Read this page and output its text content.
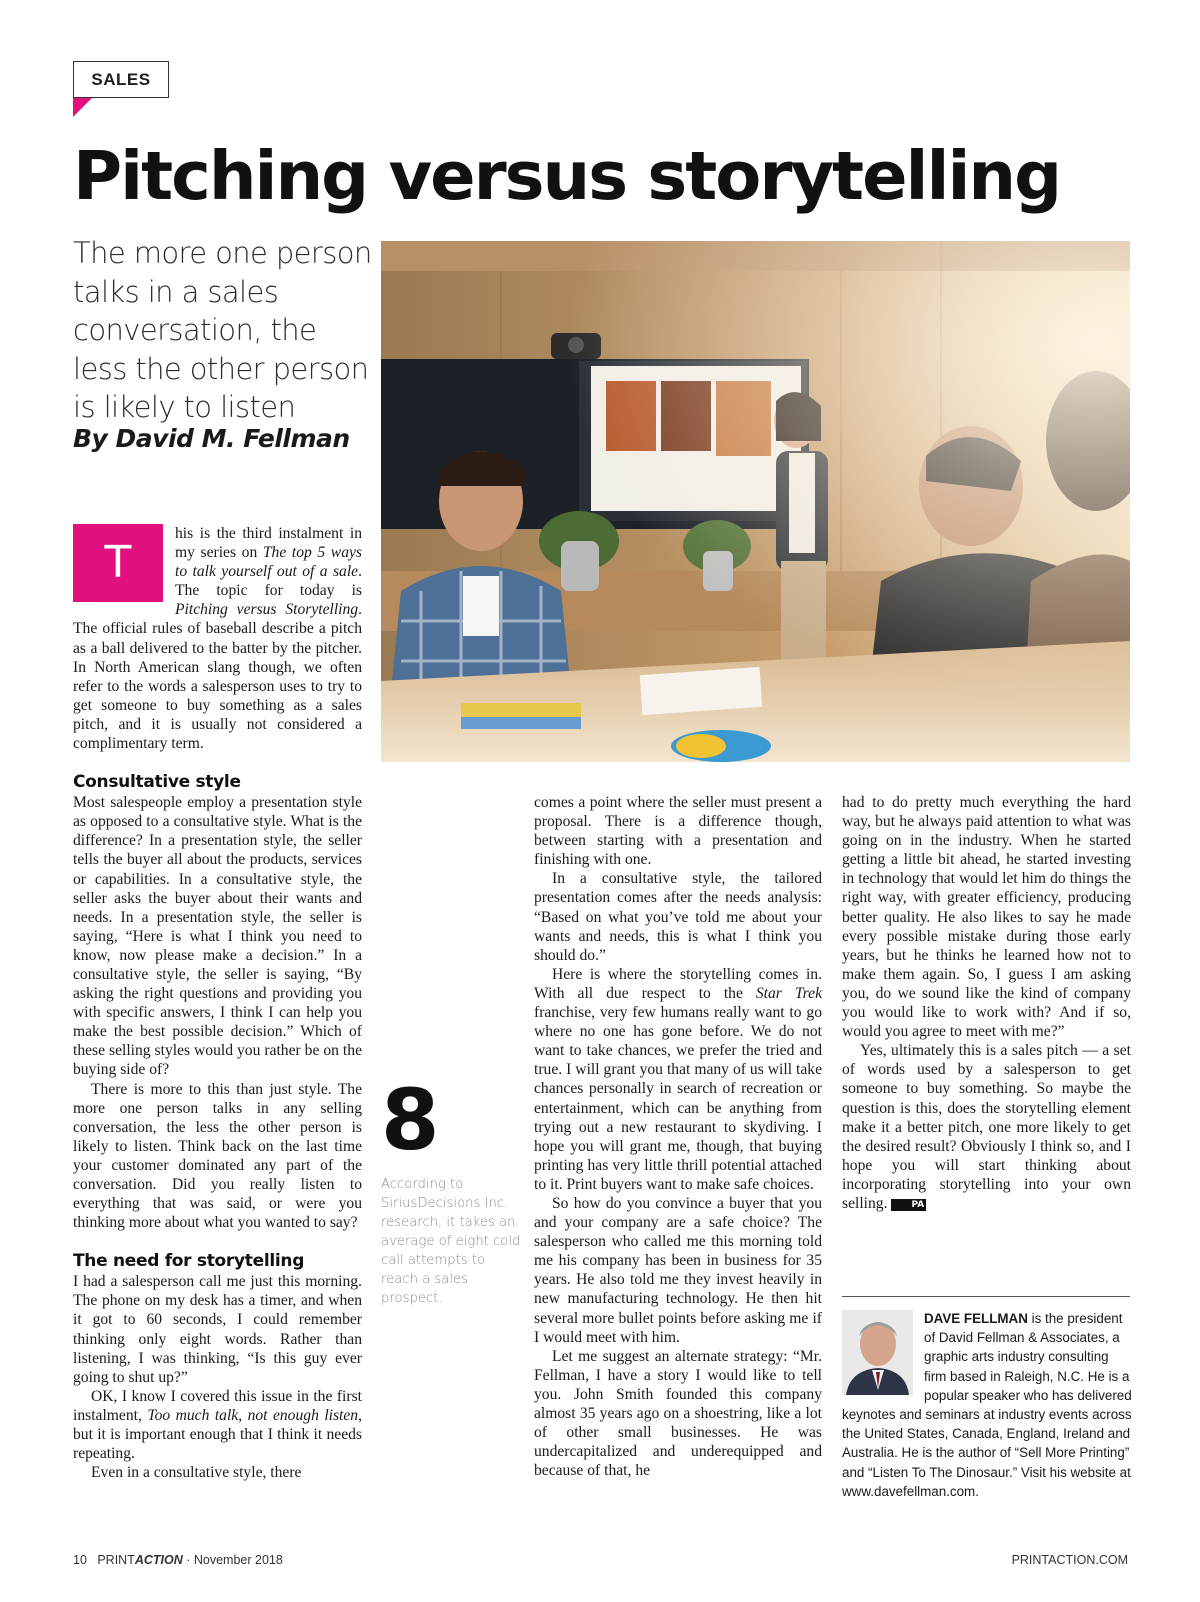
SALES
Pitching versus storytelling

The more one person talks in a sales conversation, the less the other person is likely to listen

By David M. Fellman

T

his is the third instalment in my series on The top 5 ways to talk yourself out of a sale. The topic for today is Pitching versus Storytelling. The official rules of baseball describe a pitch as a ball delivered to the batter by the pitcher. In North American slang though, we often refer to the words a salesperson uses to try to get someone to buy something as a sales pitch, and it is usually not considered a complimentary term.

Consultative style

Most salespeople employ a presentation style as opposed to a consultative style. What is the difference? In a presentation style, the seller tells the buyer all about the products, services or capabilities. In a consultative style, the seller asks the buyer about their wants and needs. In a presentation style, the seller is saying, “Here is what I think you need to know, now please make a decision.” In a consultative style, the seller is saying, “By asking the right questions and providing you with specific answers, I think I can help you make the best possible decision.” Which of these selling styles would you rather be on the buying side of?

There is more to this than just style. The more one person talks in any selling conversation, the less the other person is likely to listen. Think back on the last time your customer dominated any part of the conversation. Did you really listen to everything that was said, or were you thinking more about what you wanted to say?

The need for storytelling

I had a salesperson call me just this morning. The phone on my desk has a timer, and when it got to 60 seconds, I could remember thinking only eight words. Rather than listening, I was thinking, “Is this guy ever going to shut up?”

OK, I know I covered this issue in the first instalment, Too much talk, not enough listen, but it is important enough that I think it needs repeating.

Even in a consultative style, there

8

According to SiriusDecisions Inc. research, it takes an average of eight cold call attempts to reach a sales prospect.

comes a point where the seller must present a proposal. There is a difference though, between starting with a presentation and finishing with one.

In a consultative style, the tailored presentation comes after the needs analysis: “Based on what you’ve told me about your wants and needs, this is what I think you should do.”

Here is where the storytelling comes in. With all due respect to the Star Trek franchise, very few humans really want to go where no one has gone before. We do not want to take chances, we prefer the tried and true. I will grant you that many of us will take chances personally in search of recreation or entertainment, which can be anything from trying out a new restaurant to skydiving. I hope you will grant me, though, that buying printing has very little thrill potential attached to it. Print buyers want to make safe choices.

So how do you convince a buyer that you and your company are a safe choice? The salesperson who called me this morning told me his company has been in business for 35 years. He also told me they invest heavily in new manufacturing technology. He then hit several more bullet points before asking me if I would meet with him.

Let me suggest an alternate strategy: “Mr. Fellman, I have a story I would like to tell you. John Smith founded this company almost 35 years ago on a shoestring, like a lot of other small businesses. He was undercapitalized and underequipped and because of that, he

had to do pretty much everything the hard way, but he always paid attention to what was going on in the industry. When he started getting a little bit ahead, he started investing in technology that would let him do things the right way, with greater efficiency, producing better quality. He also likes to say he made every possible mistake during those early years, but he thinks he learned how not to make them again. So, I guess I am asking you, do we sound like the kind of company you would like to work with? And if so, would you agree to meet with me?”

Yes, ultimately this is a sales pitch — a set of words used by a salesperson to get someone to buy something. So maybe the question is this, does the storytelling element make it a better pitch, one more likely to get the desired result? Obviously I think so, and I hope you will start thinking about incorporating storytelling into your own selling.	PA

DAVE FELLMAN is the president of David Fellman & Associates, a graphic arts industry consulting firm based in Raleigh, N.C. He is a popular speaker who has delivered keynotes and seminars at industry events across the United States, Canada, England, Ireland and Australia. He is the author of “Sell More Printing” and “Listen To The Dinosaur.” Visit his website at www.davefellman.com.

10 PRINTACTION · November 2018	PRINTACTION.COM
